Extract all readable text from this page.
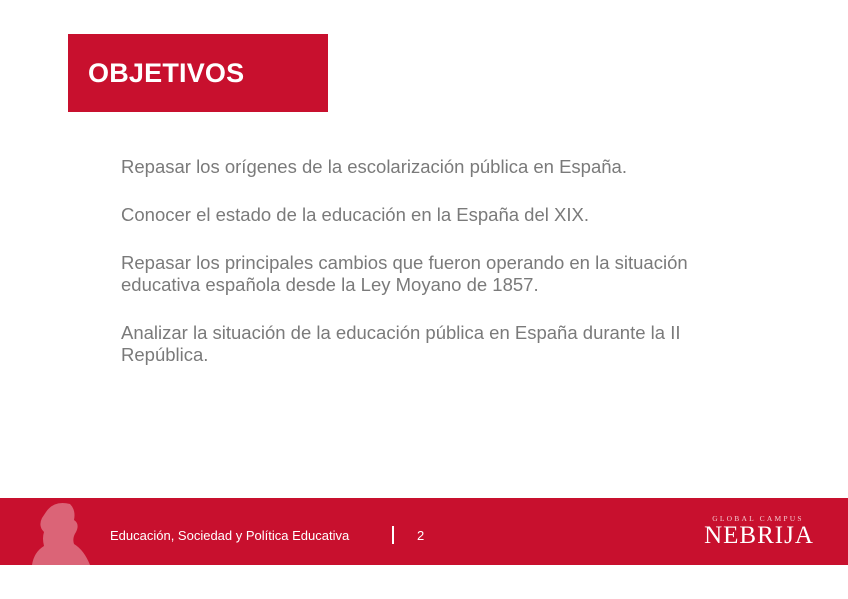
OBJETIVOS
Repasar los orígenes de la escolarización pública en España.
Conocer el estado de la educación en la España del XIX.
Repasar los principales cambios que fueron operando en la situación educativa española desde la Ley Moyano de 1857.
Analizar la situación de la educación pública en España durante la II República.
Educación, Sociedad y Política Educativa	2
GLOBAL CAMPUS
NEBRIJA
